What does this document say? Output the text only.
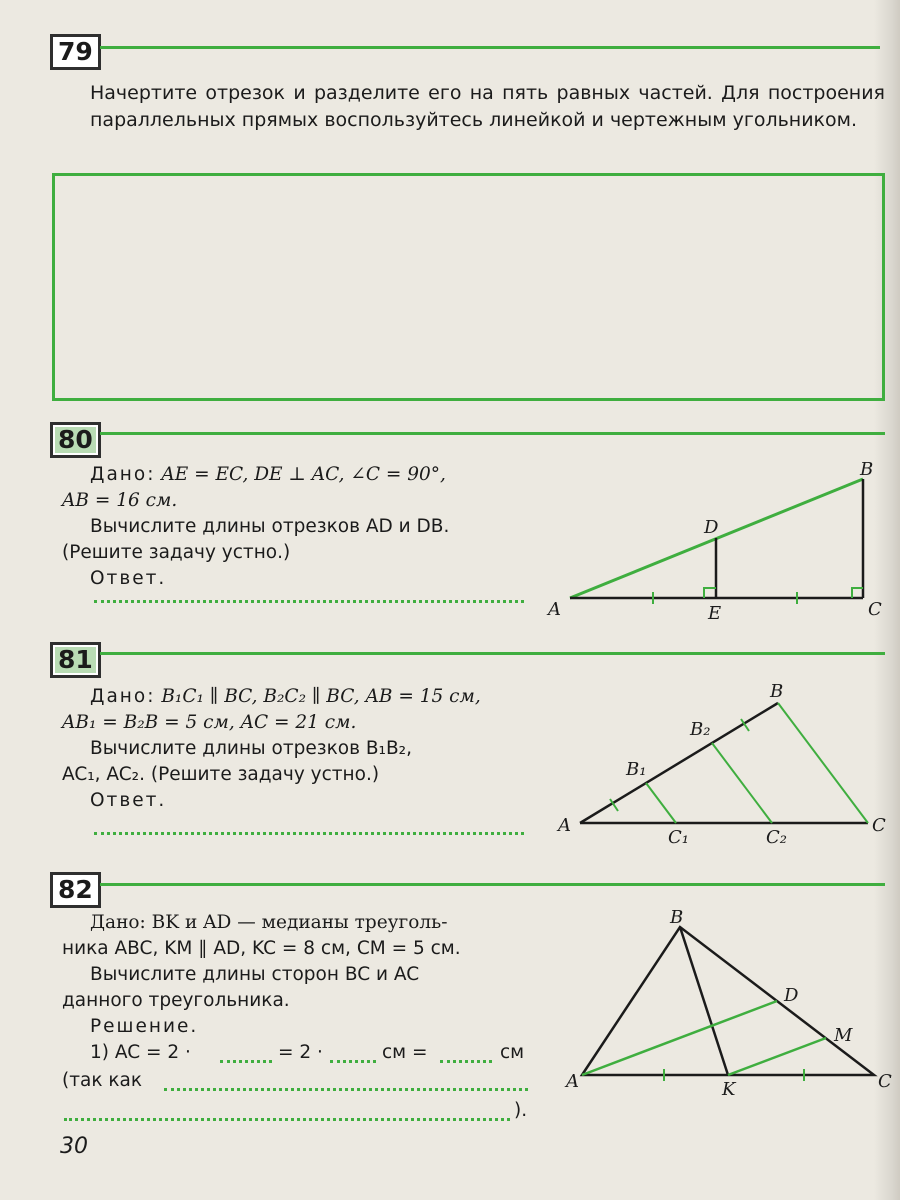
79
Начертите отрезок и разделите его на пять равных частей. Для построения параллельных прямых воспользуйтесь линейкой и чертежным угольником.
80
Дано: AE = EC, DE ⊥ AC, ∠C = 90°,
AB = 16 см.
Вычислите длины отрезков AD и DB.
(Решите задачу устно.)
Ответ.
A
B
C
D
E
81
Дано: B₁C₁ ∥ BC, B₂C₂ ∥ BC, AB = 15 см,
AB₁ = B₂B = 5 см, AC = 21 см.
Вычислите длины отрезков B₁B₂,
AC₁, AC₂. (Решите задачу устно.)
Ответ.
A
B
C
B₁
B₂
C₁	C₂
82
Дано: BK и AD — медианы треуголь-
ника ABC, KM ∥ AD, KC = 8 см, CM = 5 см.
Вычислите длины сторон BC и AC
данного треугольника.
Решение.
1) AC = 2 ·	= 2 ·	см =	см
(так как
).
A
B
C
D
K
M
30
